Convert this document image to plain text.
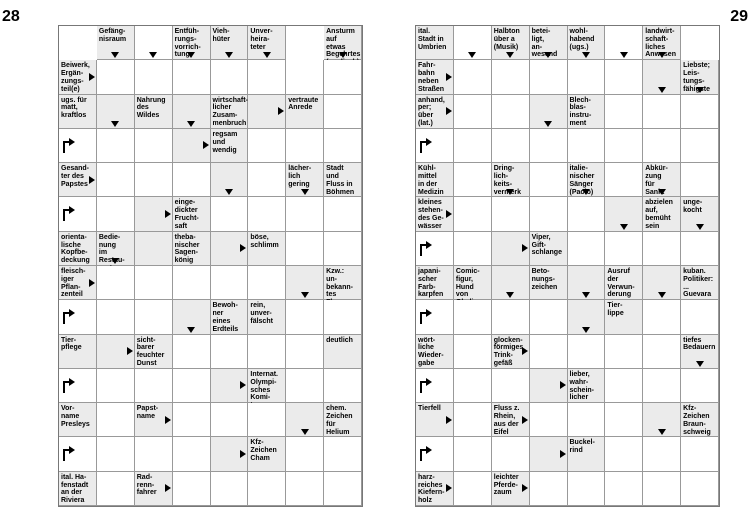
28	29
Gefäng-
nisraum
Entfüh-
rungs-
vorrich-
tung
Vieh-
hüter
Unver-
heira-
teter
Ansturm
auf etwas
Begehrtes

Beiwerk,
Ergän-
zungs-
teil(e)
ugs. für
matt,
kraftlos
Nahrung
des
Wildes
wirtschaft-
licher
Zusam-
menbruch
vertraute
Anrede
regsam
und
wendig
Gesand-
ter des
Papstes
lächer-
lich
gering
Stadt
und
Fluss in
Böhmen
einge-
dickter
Frucht-
saft
orienta-
lische
Kopfbe-
deckung
Bedie-
nung im
Restau-

theba-
nischer
Sagen-
könig
böse,
schlimm
fleisch-
iger
Pflan-
zenteil
Kzw.: un-
bekann-
tes

Bewoh-
ner
eines
Erdteils
rein,
unver-
fälscht
Tier-
pflege
sicht-
barer
feuchter
Dunst
deutlich
Internat.
Olympi-
sches Komi-

Vor-
name
Presleys
Papst-
name
chem.
Zeichen
für
Helium
Kfz-
Zeichen
Cham
ital. Ha-
fenstadt
an der
Riviera
Rad-
renn-
fahrer
ital.
Stadt in
Umbrien
Halbton
über a
(Musik)
betei-
ligt,
an-
wesend
wohl-
habend
(ugs.)
landwirt-
schaft-
liches
Anwesen
Fahr-
bahn
neben
Straßen
Liebste;
Leis-
tungs-
fähigste
anhand,
per; über
(lat.)
Blech-
blas-
instru-
ment
Kühl-
mittel
in der
Medizin
Dring-
lich-
keits-
vermerk
italie-
nischer
Sänger
(Paolo)
Abkür-
zung für
Sankt
kleines
stehen-
des Ge-
wässer
abzielen
auf,
bemüht
sein
unge-
kocht
Viper,
Gift-
schlange
japani-
scher
Farb-
karpfen
Comic-
figur,
Hund von

Beto-
nungs-
zeichen
Ausruf
der
Verwun-
derung
kuban.
Politiker:
...
Guevara
Tier-
lippe
wört-
liche
Wieder-
gabe
glocken-
förmiges
Trink-
gefäß
tiefes
Bedauern
lieber,
wahr-
schein-
licher
Tierfell	Fluss z.
Rhein,
aus der
Eifel
Kfz-
Zeichen
Braun-
schweig
Buckel-
rind
harz-
reiches
Kiefern-
holz
leichter
Pferde-
zaum
